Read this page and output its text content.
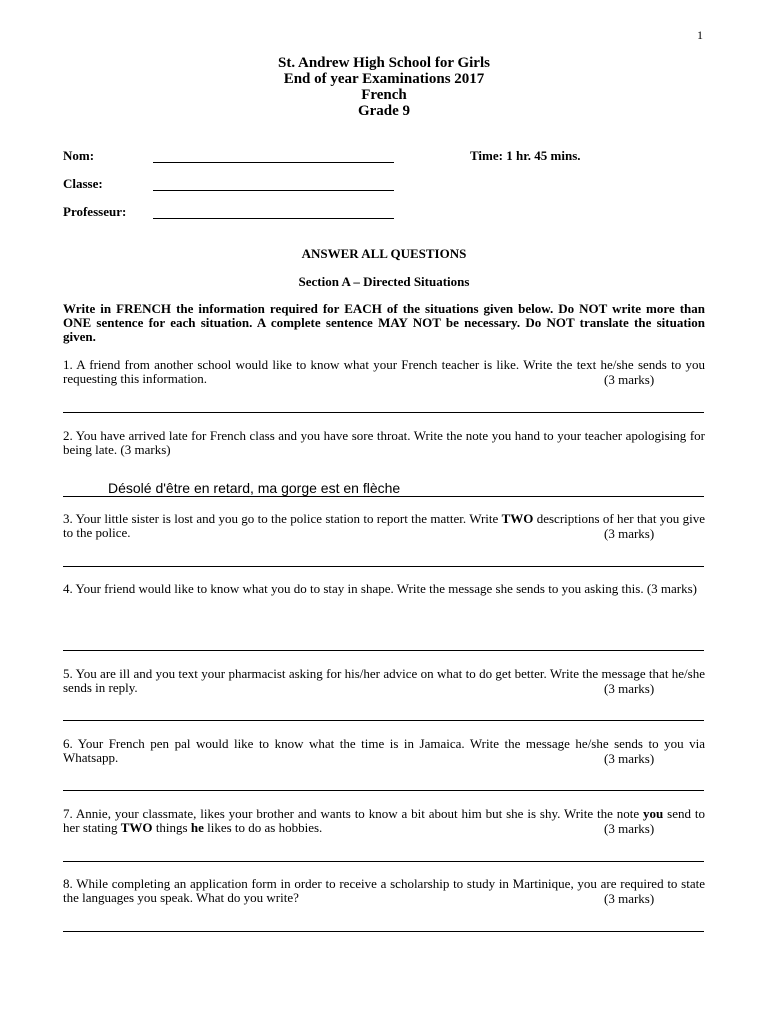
1
St. Andrew High School for Girls
End of year Examinations 2017
French
Grade 9
Nom:	Time: 1 hr. 45 mins.
Classe:
Professeur:
ANSWER ALL QUESTIONS
Section A – Directed Situations
Write in FRENCH the information required for EACH of the situations given below. Do NOT write more than ONE sentence for each situation. A complete sentence MAY NOT be necessary. Do NOT translate the situation given.
1. A friend from another school would like to know what your French teacher is like. Write the text he/she sends to you requesting this information.	(3 marks)
2. You have arrived late for French class and you have sore throat. Write the note you hand to your teacher apologising for being late. (3 marks)
Désolé d'être en retard, ma gorge est en flèche
3. Your little sister is lost and you go to the police station to report the matter. Write TWO descriptions of her that you give to the police.	(3 marks)
4. Your friend would like to know what you do to stay in shape. Write the message she sends to you asking this. (3 marks)
5. You are ill and you text your pharmacist asking for his/her advice on what to do get better. Write the message that he/she sends in reply.	(3 marks)
6. Your French pen pal would like to know what the time is in Jamaica. Write the message he/she sends to you via Whatsapp.	(3 marks)
7. Annie, your classmate, likes your brother and wants to know a bit about him but she is shy. Write the note you send to her stating TWO things he likes to do as hobbies.	(3 marks)
8. While completing an application form in order to receive a scholarship to study in Martinique, you are required to state the languages you speak. What do you write?	(3 marks)
